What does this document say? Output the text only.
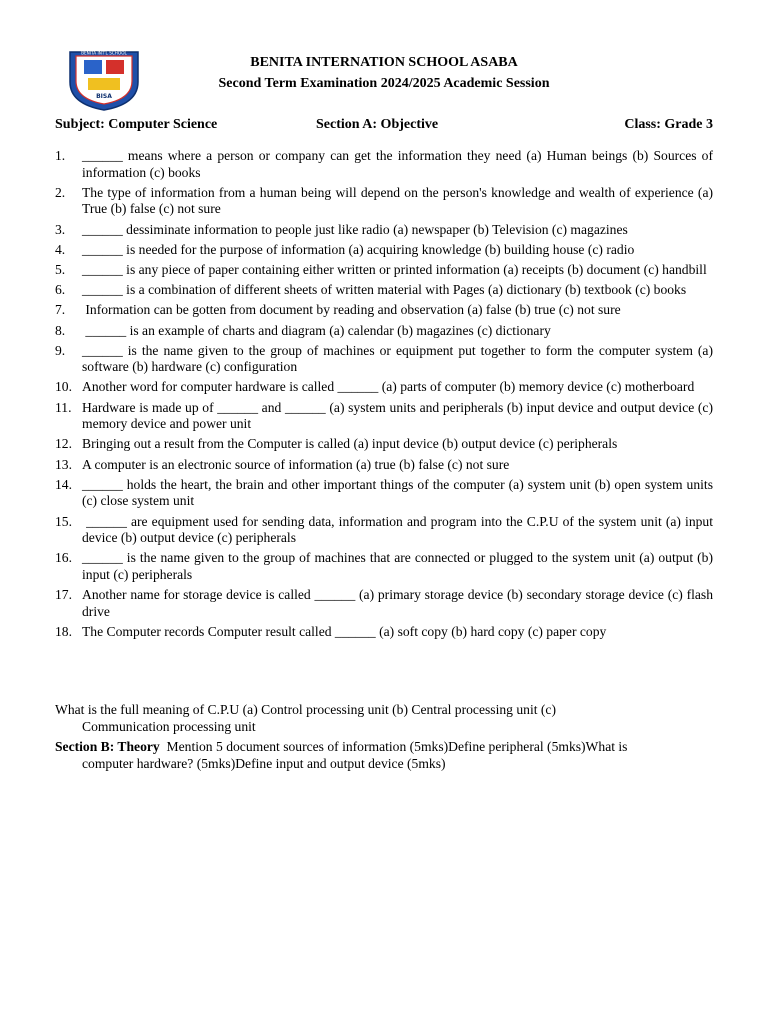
BENITA INT'L SCHOOL
BISA
BENITA INTERNATION SCHOOL ASABA
Second Term Examination 2024/2025 Academic Session
Subject: Computer Science	Section A: Objective	Class: Grade 3
1. ______ means where a person or company can get the information they need (a) Human beings (b) Sources of information (c) books
2. The type of information from a human being will depend on the person's knowledge and wealth of experience (a) True (b) false (c) not sure
3. ______ dessiminate information to people just like radio (a) newspaper (b) Television (c) magazines
4. ______ is needed for the purpose of information (a) acquiring knowledge (b) building house (c) radio
5. ______ is any piece of paper containing either written or printed information (a) receipts (b) document (c) handbill
6. ______ is a combination of different sheets of written material with Pages (a) dictionary (b) textbook (c) books
7. Information can be gotten from document by reading and observation (a) false (b) true (c) not sure
8. ______ is an example of charts and diagram (a) calendar (b) magazines (c) dictionary
9. ______ is the name given to the group of machines or equipment put together to form the computer system (a) software (b) hardware (c) configuration
10. Another word for computer hardware is called ______ (a) parts of computer (b) memory device (c) motherboard
11. Hardware is made up of ______ and ______ (a) system units and peripherals (b) input device and output device (c) memory device and power unit
12. Bringing out a result from the Computer is called (a) input device (b) output device (c) peripherals
13. A computer is an electronic source of information (a) true (b) false (c) not sure
14. ______ holds the heart, the brain and other important things of the computer (a) system unit (b) open system units (c) close system unit
15. ______ are equipment used for sending data, information and program into the C.P.U of the system unit (a) input device (b) output device (c) peripherals
16. ______ is the name given to the group of machines that are connected or plugged to the system unit (a) output (b) input (c) peripherals
17. Another name for storage device is called ______ (a) primary storage device (b) secondary storage device (c) flash drive
18. The Computer records Computer result called ______ (a) soft copy (b) hard copy (c) paper copy
What is the full meaning of C.P.U (a) Control processing unit (b) Central processing unit (c)
Communication processing unit
Section B: Theory Mention 5 document sources of information (5mks)Define peripheral (5mks)What is
computer hardware? (5mks)Define input and output device (5mks)
